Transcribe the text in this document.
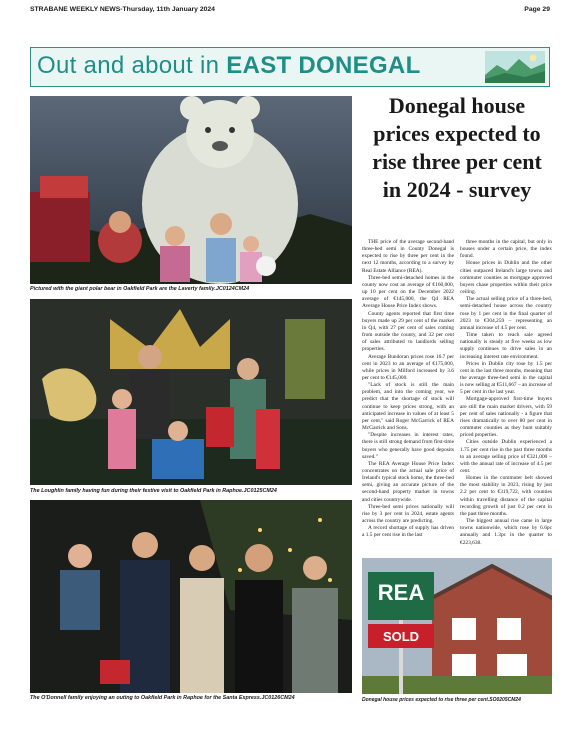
STRABANE WEEKLY NEWS-Thursday, 11th January 2024	Page 29
Out and about in EAST DONEGAL
Pictured with the giant polar bear in Oakfield Park are the Laverty family.JC0124CM24
The Loughlin family having fun during their festive visit to Oakfield Park in Raphoe.JC0125CM24
The O'Donnell family enjoying an outing to Oakfield Park in Raphoe for the Santa Express.JC0126CM24
Donegal house prices expected to rise three per cent in 2024 - survey

THE price of the average second-hand three-bed semi in County Donegal is expected to rise by three per cent in the next 12 months, according to a survey by Real Estate Alliance (REA).

Three-bed semi-detached homes in the county now cost an average of €160,000, up 10 per cent on the December 2022 average of €145,000, the Q4 REA Average House Price Index shows.

County agents reported that first time buyers made up 29 per cent of the market in Q4, with 27 per cent of sales coming from outside the county, and 32 per cent of sales attributed to landlords selling properties.

Average Bundoran prices rose 16.7 per cent in 2023 to an average of €175,000, while prices in Milford increased by 3.6 per cent to €145,000.

"Lack of stock is still the main problem, and into the coming year, we predict that the shortage of stock will continue to keep prices strong, with an anticipated increase in values of at least 5 per cent," said Roger McGarrick of REA McGarrick and Sons.

"Despite increases in interest rates, there is still strong demand from first-time buyers who generally have good deposits saved."

The REA Average House Price Index concentrates on the actual sale price of Ireland's typical stock home, the three-bed semi, giving an accurate picture of the second-hand property market in towns and cities countrywide.

Three-bed semi prices nationally will rise by 3 per cent in 2024, estate agents across the country are predicting.

A record shortage of supply has driven a 1.5 per cent rise in the last

three months in the capital, but only in houses under a certain price, the index found.

House prices in Dublin and the other cities outpaced Ireland's large towns and commuter counties as mortgage approved buyers chase properties within their price ceiling.

The actual selling price of a three-bed, semi-detached house across the country rose by 1 per cent in the final quarter of 2023 to €304,259 – representing an annual increase of 4.5 per cent.

Time taken to reach sale agreed nationally is steady at five weeks as low supply continues to drive sales in an increasing interest rate environment.

Prices in Dublin city rose by 1.5 per cent in the last three months, meaning that the average three-bed semi in the capital is now selling at €511,667 – an increase of 5 per cent in the last year.

Mortgage-approved first-time buyers are still the main market drivers, with 59 per cent of sales nationally - a figure that rises dramatically to over 80 per cent in commuter counties as they hunt suitably priced properties.

Cities outside Dublin experienced a 1.75 per cent rise in the past three months to an average selling price of €321,000 – with the annual rate of increase of 4.5 per cent.

Homes in the commuter belt showed the most stability in 2023, rising by just 2.2 per cent to €319,722, with counties within travelling distance of the capital recording growth of just 0.2 per cent in the past three months.

The biggest annual rise came in large towns nationwide, which rose by 6.6pc annually and 1.3pc in the quarter to €223,638.

REA
SOLD
Donegal house prices expected to rise three per cent.SO0205CM24
